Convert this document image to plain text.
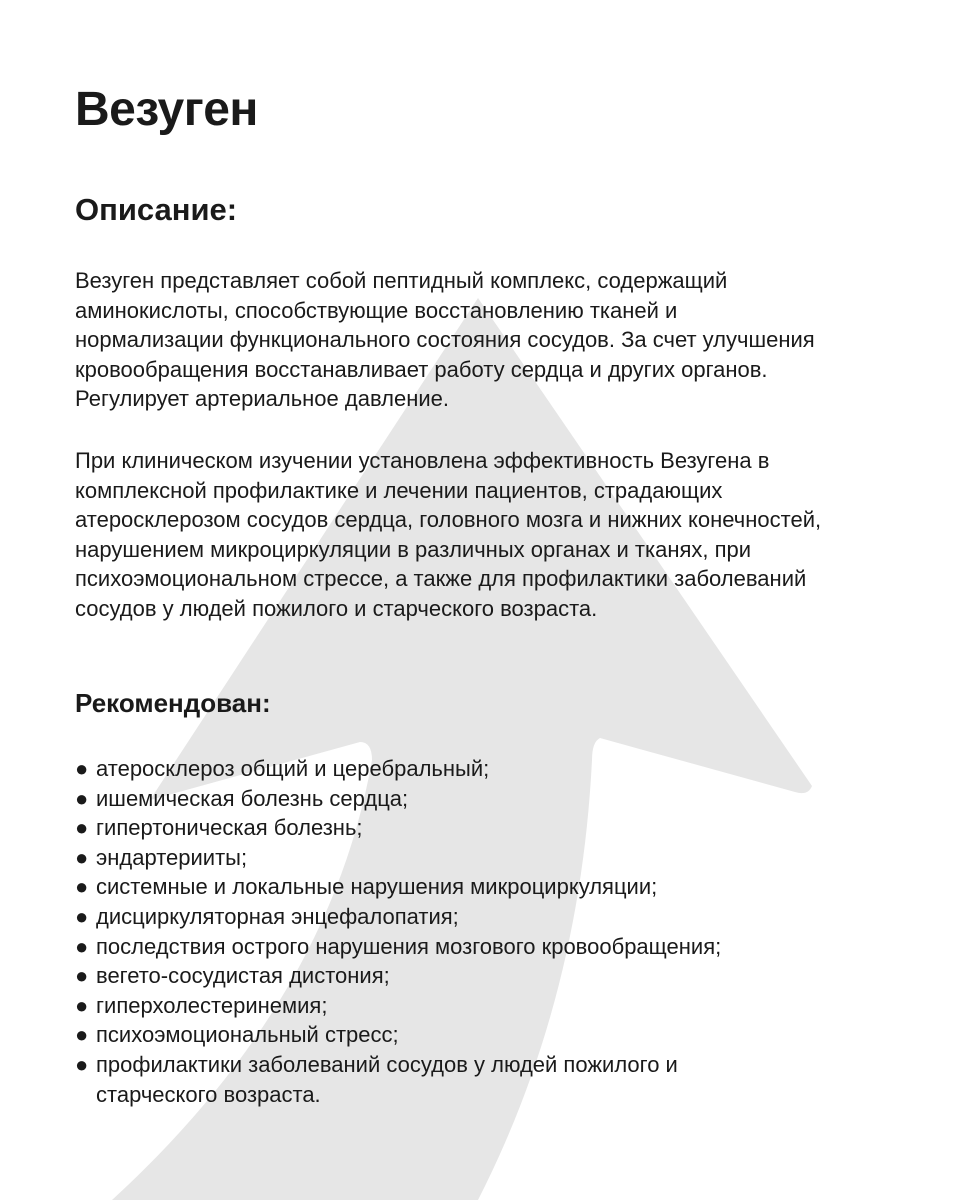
Везуген
Описание:

Везуген представляет собой пептидный комплекс, содержащий аминокислоты, способствующие восстановлению тканей и нормализации функционального состояния сосудов. За счет улучшения кровообращения восстанавливает работу сердца и других органов. Регулирует артериальное давление.

При клиническом изучении установлена эффективность Везугена в комплексной профилактике и лечении пациентов, страдающих атеросклерозом сосудов сердца, головного мозга и нижних конечностей, нарушением микроциркуляции в различных органах и тканях, при психоэмоциональном стрессе, а также для профилактики заболеваний сосудов у людей пожилого и старческого возраста.

Рекомендован:
● атеросклероз общий и церебральный;
● ишемическая болезнь сердца;
● гипертоническая болезнь;
● эндартерииты;
● системные и локальные нарушения микроциркуляции;
● дисциркуляторная энцефалопатия;
● последствия острого нарушения мозгового кровообращения;
● вегето-сосудистая дистония;
● гиперхолестеринемия;
● психоэмоциональный стресс;
● профилактики заболеваний сосудов у людей пожилого и старческого возраста.
